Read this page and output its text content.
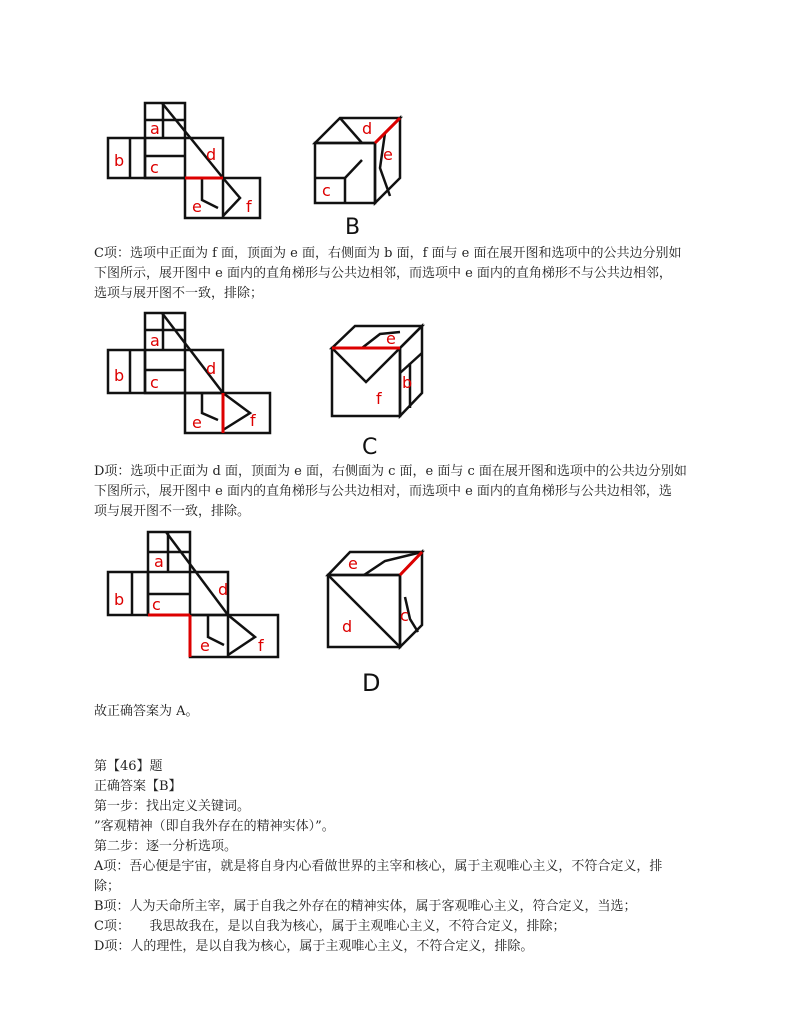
a
b c
d
e	f
c
d
e
B
C项：选项中正面为 f 面，顶面为 e 面，右侧面为 b 面，f 面与 e 面在展开图和选项中的公共边分别如
下图所示，展开图中 e 面内的直角梯形与公共边相邻，而选项中 e 面内的直角梯形不与公共边相邻，
选项与展开图不一致，排除；
a
b c
d
e	f
e
b
f
C
D项：选项中正面为 d 面，顶面为 e 面，右侧面为 c 面，e 面与 c 面在展开图和选项中的公共边分别如
下图所示，展开图中 e 面内的直角梯形与公共边相对，而选项中 e 面内的直角梯形与公共边相邻，选
项与展开图不一致，排除。
a
b c
d
e	f
e
d
c
D
故正确答案为 A。
第【46】题
正确答案【B】
第一步：找出定义关键词。
”客观精神（即自我外存在的精神实体）”。
第二步：逐一分析选项。
A项：吾心便是宇宙，就是将自身内心看做世界的主宰和核心，属于主观唯心主义，不符合定义，排
除；
B项：人为天命所主宰，属于自我之外存在的精神实体，属于客观唯心主义，符合定义，当选；
C项：　　我思故我在，是以自我为核心，属于主观唯心主义，不符合定义，排除；
D项：人的理性，是以自我为核心，属于主观唯心主义，不符合定义，排除。
